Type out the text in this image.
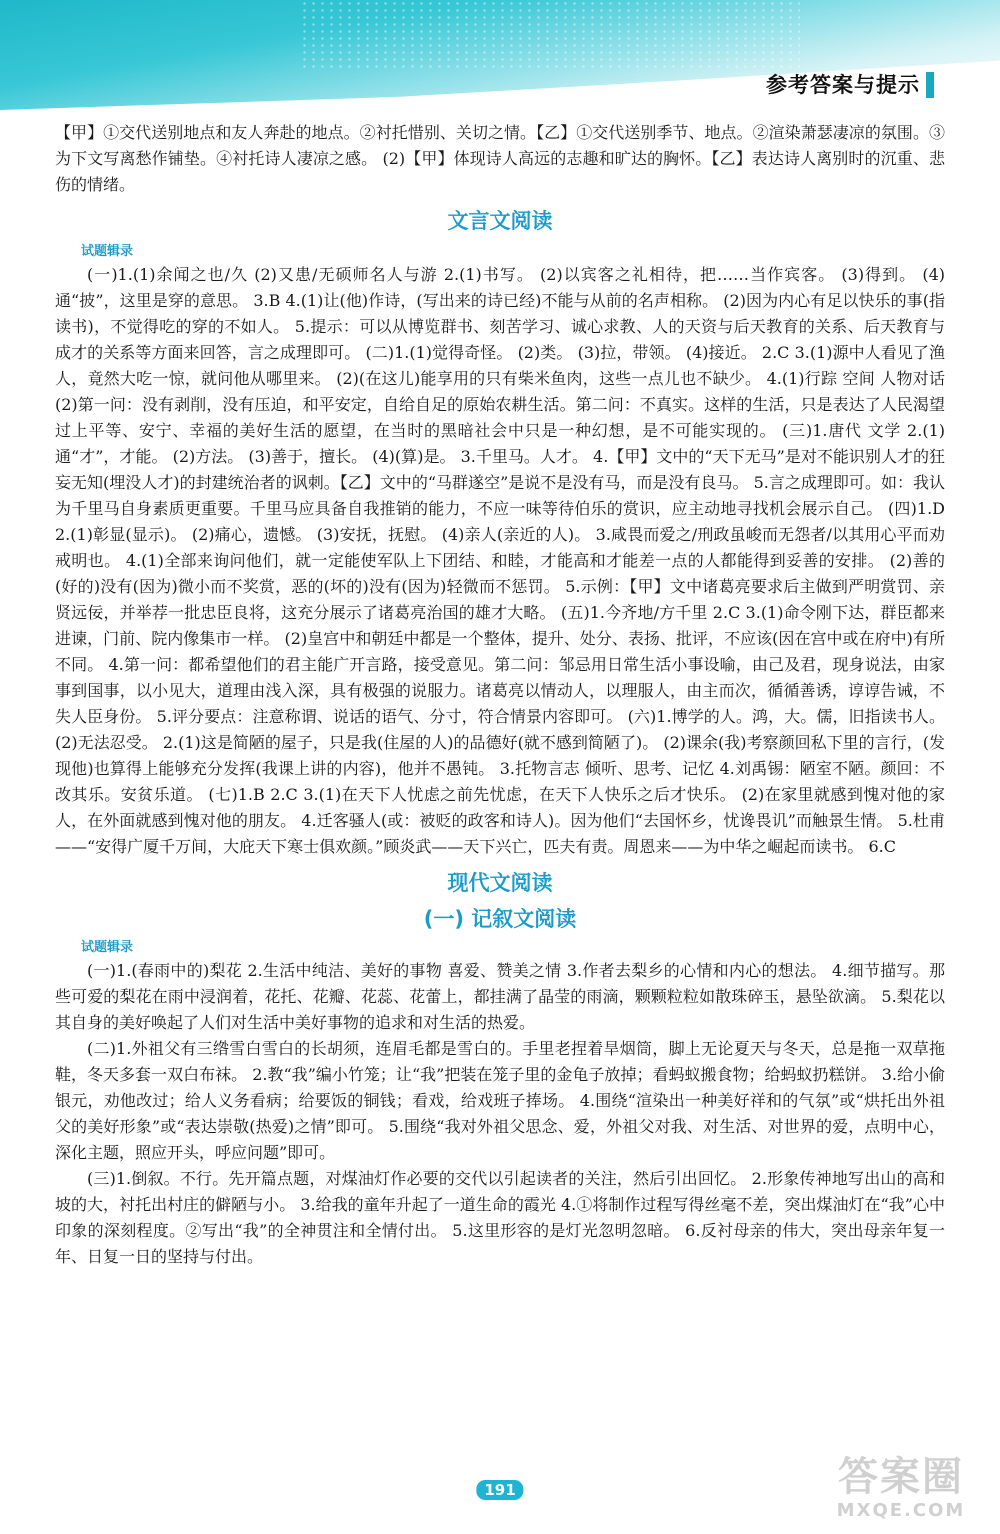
参考答案与提示

【甲】①交代送别地点和友人奔赴的地点。②衬托惜别、关切之情。【乙】①交代送别季节、地点。②渲染萧瑟凄凉的氛围。③为下文写离愁作铺垫。④衬托诗人凄凉之感。 (2)【甲】体现诗人高远的志趣和旷达的胸怀。【乙】表达诗人离别时的沉重、悲伤的情绪。

文言文阅读
试题辑录

(一)1.(1)余闻之也/久 (2)又患/无硕师名人与游 2.(1)书写。 (2)以宾客之礼相待，把……当作宾客。 (3)得到。 (4)通“披”，这里是穿的意思。 3.B 4.(1)让(他)作诗，(写出来的诗已经)不能与从前的名声相称。 (2)因为内心有足以快乐的事(指读书)，不觉得吃的穿的不如人。 5.提示：可以从博览群书、刻苦学习、诚心求教、人的天资与后天教育的关系、后天教育与成才的关系等方面来回答，言之成理即可。 (二)1.(1)觉得奇怪。 (2)类。 (3)拉，带领。 (4)接近。 2.C 3.(1)源中人看见了渔人，竟然大吃一惊，就问他从哪里来。 (2)(在这儿)能享用的只有柴米鱼肉，这些一点儿也不缺少。 4.(1)行踪 空间 人物对话 (2)第一问：没有剥削，没有压迫，和平安定，自给自足的原始农耕生活。第二问：不真实。这样的生活，只是表达了人民渴望过上平等、安宁、幸福的美好生活的愿望，在当时的黑暗社会中只是一种幻想，是不可能实现的。 (三)1.唐代 文学 2.(1)通“才”，才能。 (2)方法。 (3)善于，擅长。 (4)(算)是。 3.千里马。人才。 4.【甲】文中的“天下无马”是对不能识别人才的狂妄无知(埋没人才)的封建统治者的讽刺。【乙】文中的“马群遂空”是说不是没有马，而是没有良马。 5.言之成理即可。如：我认为千里马自身素质更重要。千里马应具备自我推销的能力，不应一味等待伯乐的赏识，应主动地寻找机会展示自己。 (四)1.D 2.(1)彰显(显示)。 (2)痛心，遗憾。 (3)安抚，抚慰。 (4)亲人(亲近的人)。 3.咸畏而爱之/刑政虽峻而无怨者/以其用心平而劝戒明也。 4.(1)全部来询问他们，就一定能使军队上下团结、和睦，才能高和才能差一点的人都能得到妥善的安排。 (2)善的(好的)没有(因为)微小而不奖赏，恶的(坏的)没有(因为)轻微而不惩罚。 5.示例：【甲】文中诸葛亮要求后主做到严明赏罚、亲贤远佞，并举荐一批忠臣良将，这充分展示了诸葛亮治国的雄才大略。 (五)1.今齐地/方千里 2.C 3.(1)命令刚下达，群臣都来进谏，门前、院内像集市一样。 (2)皇宫中和朝廷中都是一个整体，提升、处分、表扬、批评，不应该(因在宫中或在府中)有所不同。 4.第一问：都希望他们的君主能广开言路，接受意见。第二问：邹忌用日常生活小事设喻，由己及君，现身说法，由家事到国事，以小见大，道理由浅入深，具有极强的说服力。诸葛亮以情动人，以理服人，由主而次，循循善诱，谆谆告诫，不失人臣身份。 5.评分要点：注意称谓、说话的语气、分寸，符合情景内容即可。 (六)1.博学的人。鸿，大。儒，旧指读书人。 (2)无法忍受。 2.(1)这是简陋的屋子，只是我(住屋的人)的品德好(就不感到简陋了)。 (2)课余(我)考察颜回私下里的言行，(发现他)也算得上能够充分发挥(我课上讲的内容)，他并不愚钝。 3.托物言志 倾听、思考、记忆 4.刘禹锡：陋室不陋。颜回：不改其乐。安贫乐道。 (七)1.B 2.C 3.(1)在天下人忧虑之前先忧虑，在天下人快乐之后才快乐。 (2)在家里就感到愧对他的家人，在外面就感到愧对他的朋友。 4.迁客骚人(或：被贬的政客和诗人)。因为他们“去国怀乡，忧谗畏讥”而触景生情。 5.杜甫——“安得广厦千万间，大庇天下寒士俱欢颜。”顾炎武——天下兴亡，匹夫有责。周恩来——为中华之崛起而读书。 6.C

现代文阅读
(一) 记叙文阅读
试题辑录

(一)1.(春雨中的)梨花 2.生活中纯洁、美好的事物 喜爱、赞美之情 3.作者去梨乡的心情和内心的想法。 4.细节描写。那些可爱的梨花在雨中浸润着，花托、花瓣、花蕊、花蕾上，都挂满了晶莹的雨滴，颗颗粒粒如散珠碎玉，悬坠欲滴。 5.梨花以其自身的美好唤起了人们对生活中美好事物的追求和对生活的热爱。

(二)1.外祖父有三绺雪白雪白的长胡须，连眉毛都是雪白的。手里老捏着旱烟筒，脚上无论夏天与冬天，总是拖一双草拖鞋，冬天多套一双白布袜。 2.教“我”编小竹笼；让“我”把装在笼子里的金龟子放掉；看蚂蚁搬食物；给蚂蚁扔糕饼。 3.给小偷银元，劝他改过；给人义务看病；给要饭的铜钱；看戏，给戏班子捧场。 4.围绕“渲染出一种美好祥和的气氛”或“烘托出外祖父的美好形象”或“表达崇敬(热爱)之情”即可。 5.围绕“我对外祖父思念、爱，外祖父对我、对生活、对世界的爱，点明中心，深化主题，照应开头，呼应问题”即可。

(三)1.倒叙。不行。先开篇点题，对煤油灯作必要的交代以引起读者的关注，然后引出回忆。 2.形象传神地写出山的高和坡的大，衬托出村庄的僻陋与小。 3.给我的童年升起了一道生命的霞光 4.①将制作过程写得丝毫不差，突出煤油灯在“我”心中印象的深刻程度。②写出“我”的全神贯注和全情付出。 5.这里形容的是灯光忽明忽暗。 6.反衬母亲的伟大，突出母亲年复一年、日复一日的坚持与付出。

191	答案圈
MXQE.COM
